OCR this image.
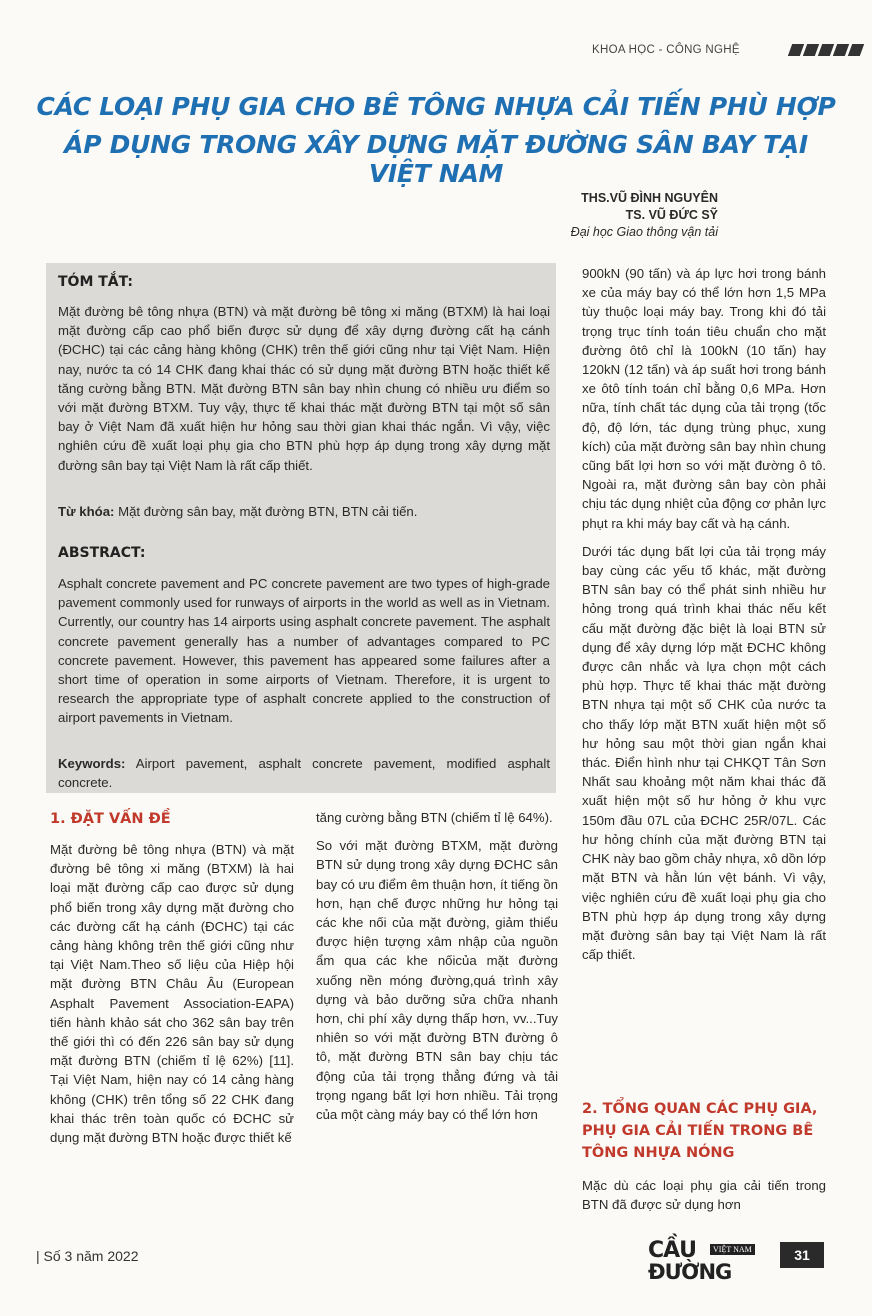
KHOA HỌC - CÔNG NGHỆ
CÁC LOẠI PHỤ GIA CHO BÊ TÔNG NHỰA CẢI TIẾN PHÙ HỢP
ÁP DỤNG TRONG XÂY DỰNG MẶT ĐƯỜNG SÂN BAY TẠI VIỆT NAM
THS.VŨ ĐÌNH NGUYÊN
TS. VŨ ĐỨC SỸ
Đại học Giao thông vận tải
TÓM TẮT:
Mặt đường bê tông nhựa (BTN) và mặt đường bê tông xi măng (BTXM) là hai loại mặt đường cấp cao phổ biến được sử dụng để xây dựng đường cất hạ cánh (ĐCHC) tại các cảng hàng không (CHK) trên thế giới cũng như tại Việt Nam. Hiện nay, nước ta có 14 CHK đang khai thác có sử dụng mặt đường BTN hoặc thiết kế tăng cường bằng BTN. Mặt đường BTN sân bay nhìn chung có nhiều ưu điểm so với mặt đường BTXM. Tuy vậy, thực tế khai thác mặt đường BTN tại một số sân bay ở Việt Nam đã xuất hiện hư hỏng sau thời gian khai thác ngắn. Vì vậy, việc nghiên cứu đề xuất loại phụ gia cho BTN phù hợp áp dụng trong xây dựng mặt đường sân bay tại Việt Nam là rất cấp thiết.
Từ khóa: Mặt đường sân bay, mặt đường BTN, BTN cải tiến.
ABSTRACT:
Asphalt concrete pavement and PC concrete pavement are two types of high-grade pavement commonly used for runways of airports in the world as well as in Vietnam. Currently, our country has 14 airports using asphalt concrete pavement. The asphalt concrete pavement generally has a number of advantages compared to PC concrete pavement. However, this pavement has appeared some failures after a short time of operation in some airports of Vietnam. Therefore, it is urgent to research the appropriate type of asphalt concrete applied to the construction of airport pavements in Vietnam.
Keywords: Airport pavement, asphalt concrete pavement, modified asphalt concrete.
1. ĐẶT VẤN ĐỀ

Mặt đường bê tông nhựa (BTN) và mặt đường bê tông xi măng (BTXM) là hai loại mặt đường cấp cao được sử dụng phổ biến trong xây dựng mặt đường cho các đường cất hạ cánh (ĐCHC) tại các cảng hàng không trên thế giới cũng như tại Việt Nam.Theo số liệu của Hiệp hội mặt đường BTN Châu Âu (European Asphalt Pavement Association-EAPA) tiến hành khảo sát cho 362 sân bay trên thế giới thì có đến 226 sân bay sử dụng mặt đường BTN (chiếm tỉ lệ 62%) [11]. Tại Việt Nam, hiện nay có 14 cảng hàng không (CHK) trên tổng số 22 CHK đang khai thác trên toàn quốc có ĐCHC sử dụng mặt đường BTN hoặc được thiết kế

tăng cường bằng BTN (chiếm tỉ lệ 64%).

So với mặt đường BTXM, mặt đường BTN sử dụng trong xây dựng ĐCHC sân bay có ưu điểm êm thuận hơn, ít tiếng ồn hơn, hạn chế được những hư hỏng tại các khe nối của mặt đường, giảm thiểu được hiện tượng xâm nhập của nguồn ẩm qua các khe nốicủa mặt đường xuống nền móng đường,quá trình xây dựng và bảo dưỡng sửa chữa nhanh hơn, chi phí xây dựng thấp hơn, vv...Tuy nhiên so với mặt đường BTN đường ô tô, mặt đường BTN sân bay chịu tác động của tải trọng thẳng đứng và tải trọng ngang bất lợi hơn nhiều. Tải trọng của một càng máy bay có thể lớn hơn

900kN (90 tấn) và áp lực hơi trong bánh xe của máy bay có thể lớn hơn 1,5 MPa tùy thuộc loại máy bay. Trong khi đó tải trọng trục tính toán tiêu chuẩn cho mặt đường ôtô chỉ là 100kN (10 tấn) hay 120kN (12 tấn) và áp suất hơi trong bánh xe ôtô tính toán chỉ bằng 0,6 MPa. Hơn nữa, tính chất tác dụng của tải trọng (tốc độ, độ lớn, tác dụng trùng phục, xung kích) của mặt đường sân bay nhìn chung cũng bất lợi hơn so với mặt đường ô tô. Ngoài ra, mặt đường sân bay còn phải chịu tác dụng nhiệt của động cơ phản lực phụt ra khi máy bay cất và hạ cánh.

Dưới tác dụng bất lợi của tải trọng máy bay cùng các yếu tố khác, mặt đường BTN sân bay có thể phát sinh nhiều hư hỏng trong quá trình khai thác nếu kết cấu mặt đường đặc biệt là loại BTN sử dụng để xây dựng lớp mặt ĐCHC không được cân nhắc và lựa chọn một cách phù hợp. Thực tế khai thác mặt đường BTN nhựa tại một số CHK của nước ta cho thấy lớp mặt BTN xuất hiện một số hư hỏng sau một thời gian ngắn khai thác. Điển hình như tại CHKQT Tân Sơn Nhất sau khoảng một năm khai thác đã xuất hiện một số hư hỏng ở khu vực 150m đầu 07L của ĐCHC 25R/07L. Các hư hỏng chính của mặt đường BTN tại CHK này bao gồm chảy nhựa, xô dồn lớp mặt BTN và hằn lún vệt bánh. Vì vậy, việc nghiên cứu đề xuất loại phụ gia cho BTN phù hợp áp dụng trong xây dựng mặt đường sân bay tại Việt Nam là rất cấp thiết.

2. TỔNG QUAN CÁC PHỤ GIA, PHỤ GIA CẢI TIẾN TRONG BÊ TÔNG NHỰA NÓNG
Mặc dù các loại phụ gia cải tiến trong BTN đã được sử dụng hơn
| Số 3 năm 2022	CẦU	VIỆT NAM
ĐƯỜNG
31
